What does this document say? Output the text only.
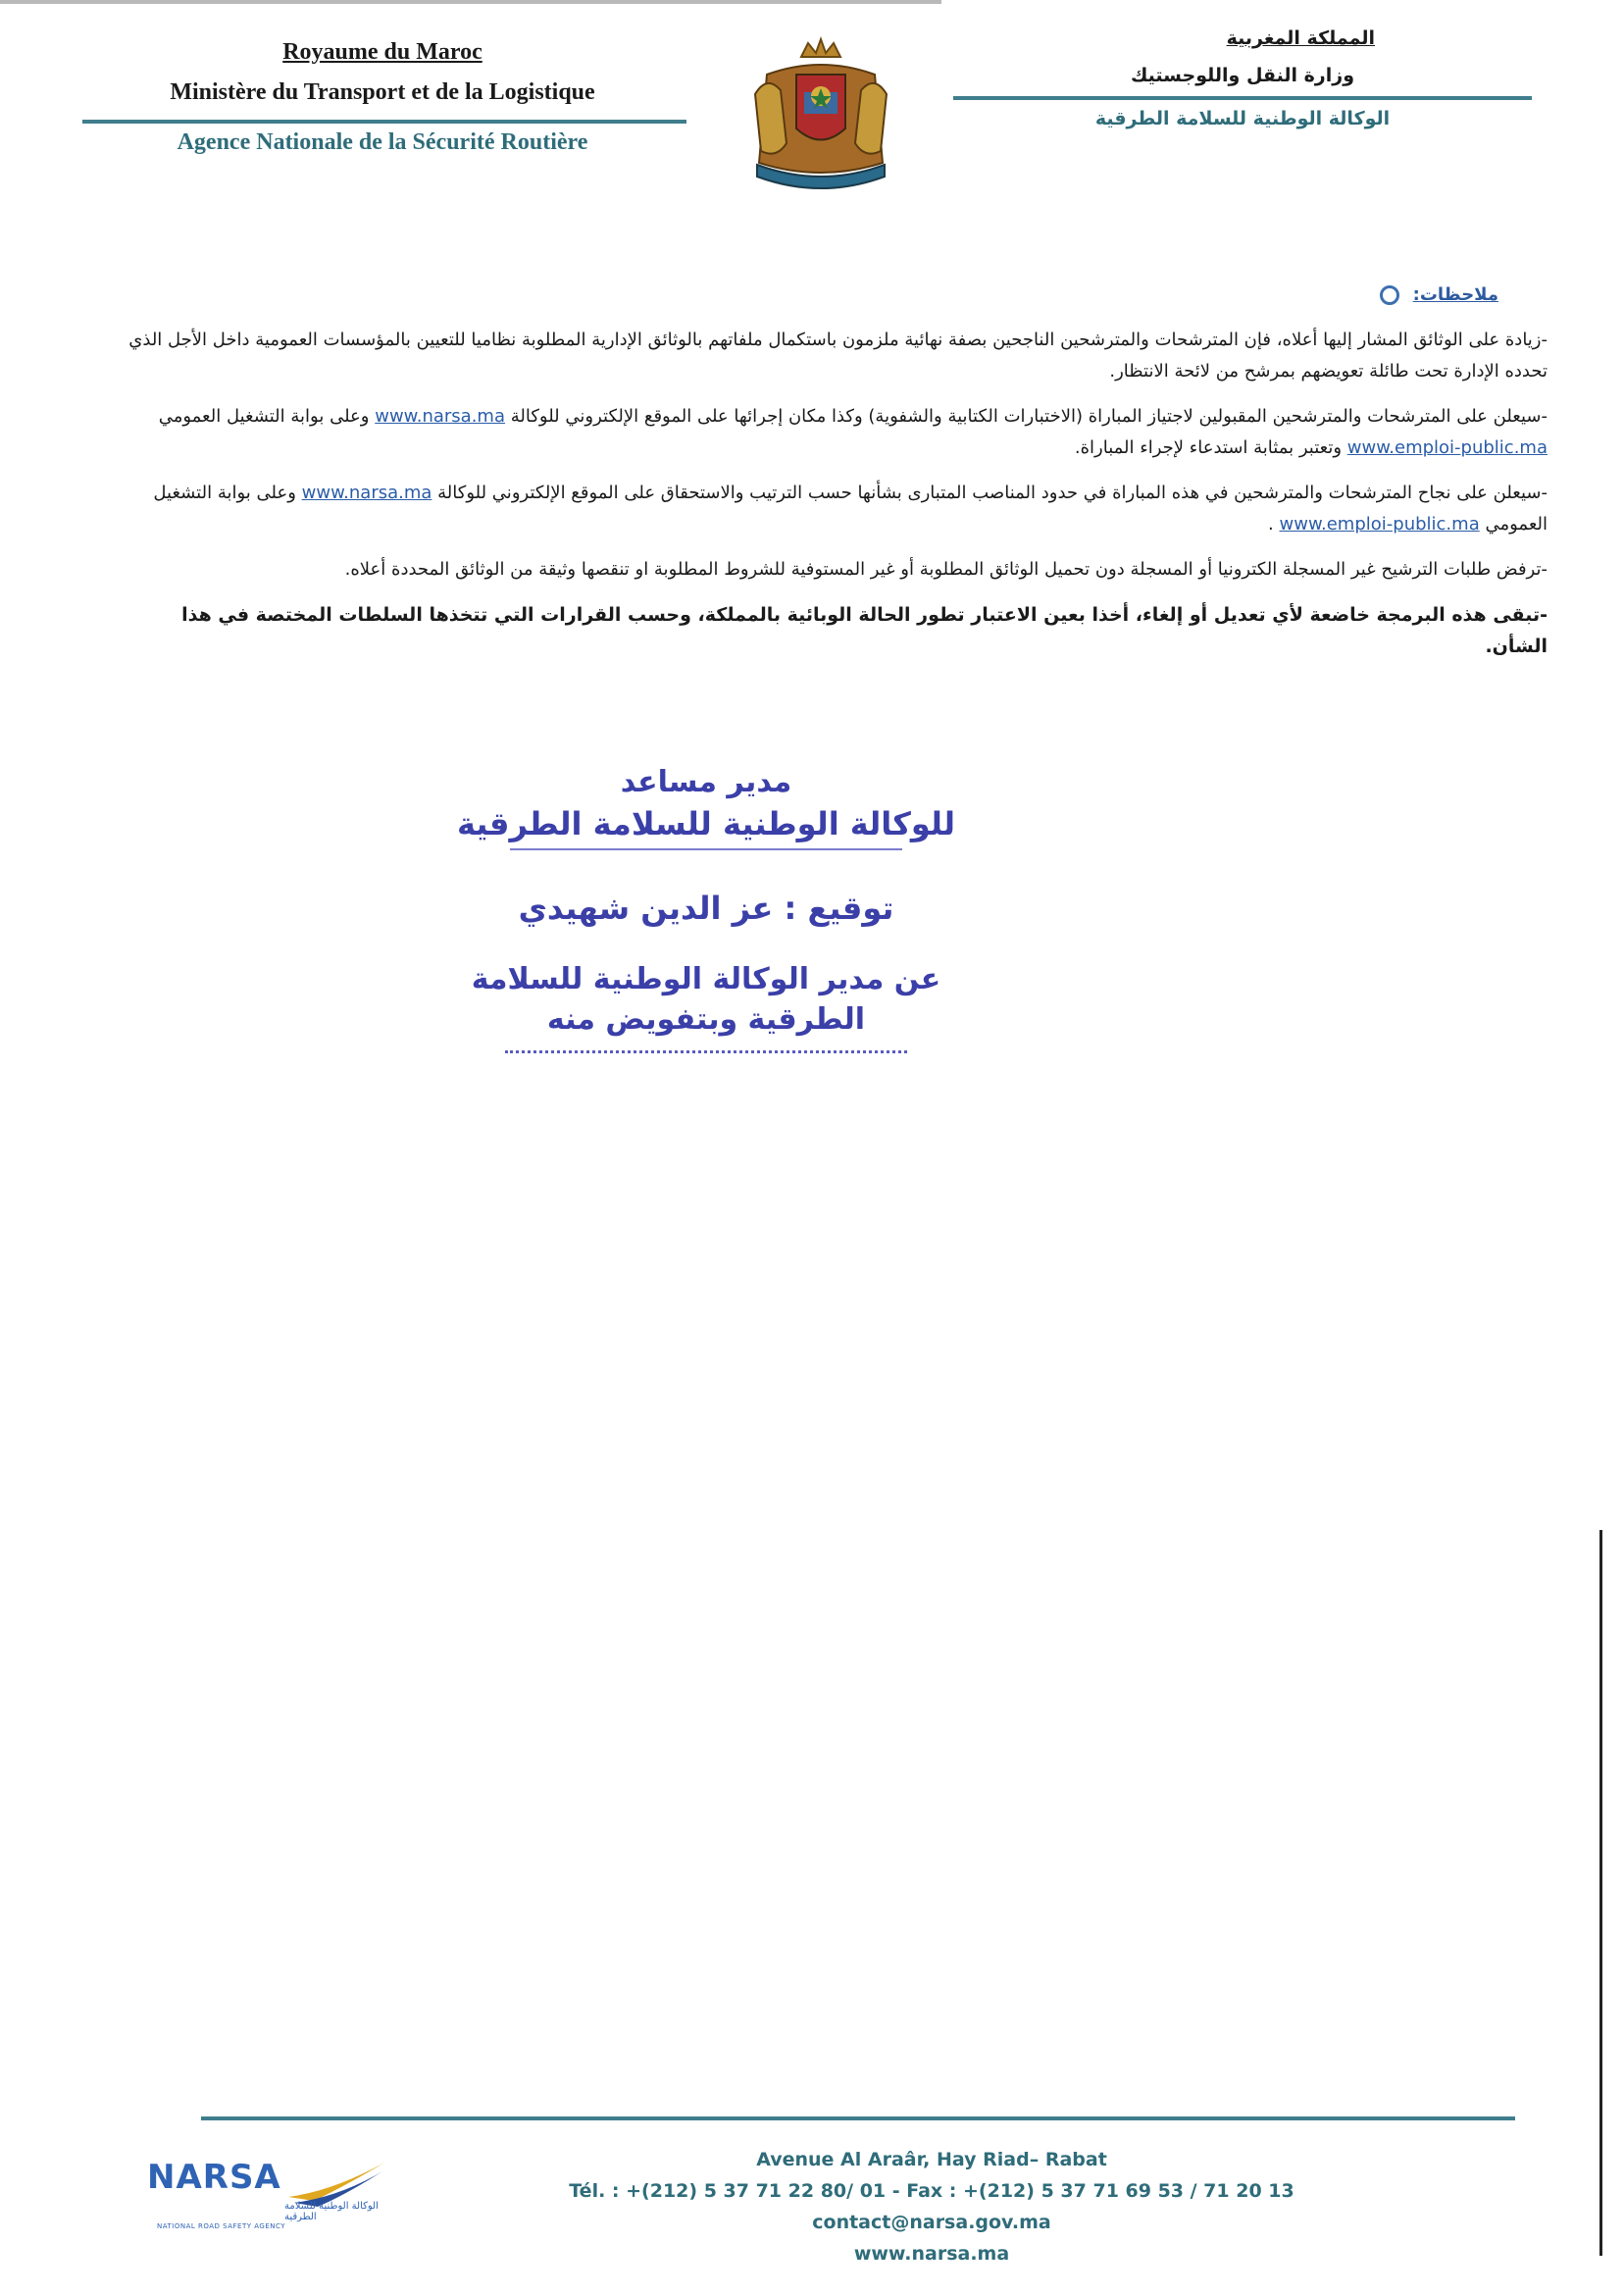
Royaume du Maroc
Ministère du Transport et de la Logistique
Agence Nationale de la Sécurité Routière
المملكة المغربية
وزارة النقل واللوجستيك
الوكالة الوطنية للسلامة الطرقية
ملاحظات:
-زيادة على الوثائق المشار إليها أعلاه، فإن المترشحات والمترشحين الناجحين بصفة نهائية ملزمون باستكمال ملفاتهم بالوثائق الإدارية المطلوبة نظاميا للتعيين بالمؤسسات العمومية داخل الأجل الذي تحدده الإدارة تحت طائلة تعويضهم بمرشح من لائحة الانتظار.
-سيعلن على المترشحات والمترشحين المقبولين لاجتياز المباراة (الاختبارات الكتابية والشفوية) وكذا مكان إجرائها على الموقع الإلكتروني للوكالة www.narsa.ma وعلى بوابة التشغيل العمومي www.emploi-public.ma وتعتبر بمثابة استدعاء لإجراء المباراة.
-سيعلن على نجاح المترشحات والمترشحين في هذه المباراة في حدود المناصب المتبارى بشأنها حسب الترتيب والاستحقاق على الموقع الإلكتروني للوكالة www.narsa.ma وعلى بوابة التشغيل العمومي www.emploi-public.ma .
-ترفض طلبات الترشيح غير المسجلة الكترونيا أو المسجلة دون تحميل الوثائق المطلوبة أو غير المستوفية للشروط المطلوبة او تنقصها وثيقة من الوثائق المحددة أعلاه.
-تبقى هذه البرمجة خاضعة لأي تعديل أو إلغاء، أخذا بعين الاعتبار تطور الحالة الوبائية بالمملكة، وحسب القرارات التي تتخذها السلطات المختصة في هذا الشأن.
مدير مساعد
للوكالة الوطنية للسلامة الطرقية
توقيع : عز الدين شهيدي
عن مدير الوكالة الوطنية للسلامة
الطرقية وبتفويض منه
NARSA
الوكالة الوطنية للسلامة الطرقية
NATIONAL ROAD SAFETY AGENCY
Avenue Al Araâr, Hay Riad– Rabat
Tél. : +(212) 5 37 71 22 80/ 01 - Fax : +(212) 5 37 71 69 53 / 71 20 13
contact@narsa.gov.ma
www.narsa.ma
